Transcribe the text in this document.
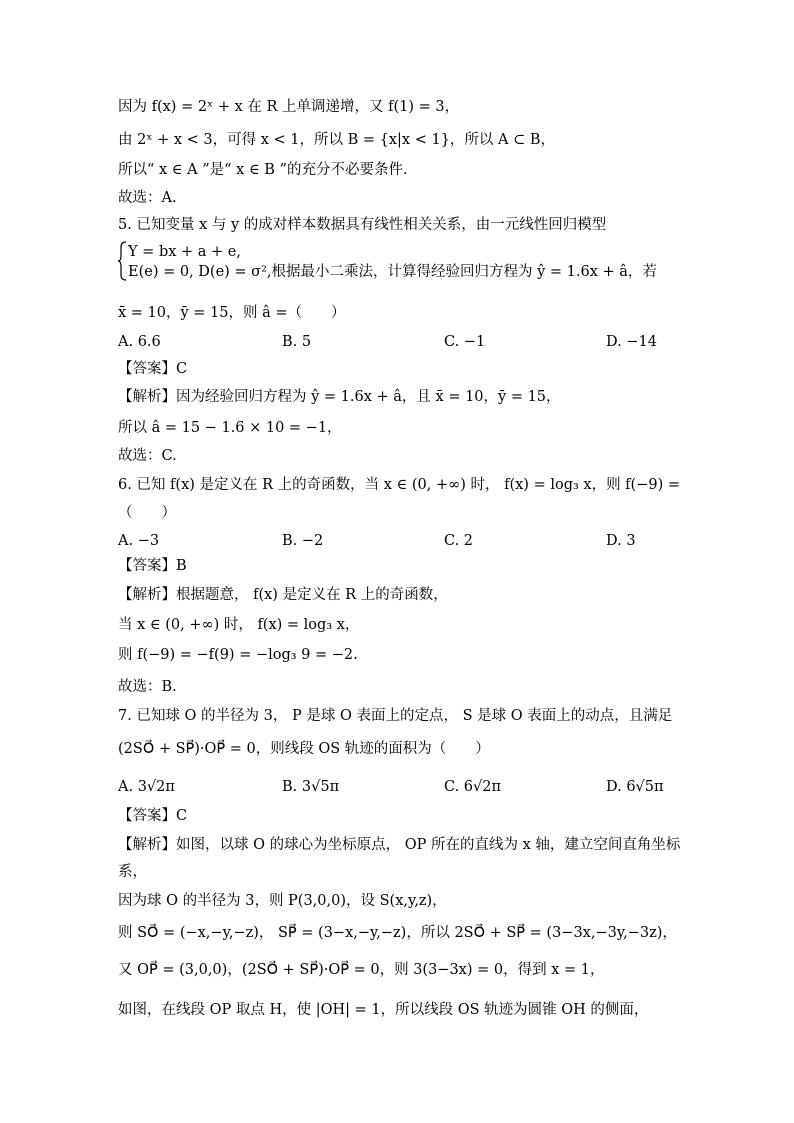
因为 f(x) = 2ˣ + x 在 R 上单调递增，又 f(1) = 3，
由 2ˣ + x < 3，可得 x < 1，所以 B = {x|x < 1}，所以 A ⊂ B，
所以“ x ∈ A ”是“ x ∈ B ”的充分不必要条件.
故选：A.
5. 已知变量 x 与 y 的成对样本数据具有线性相关关系，由一元线性回归模型
Y = bx + a + e,
E(e) = 0, D(e) = σ²,根据最小二乘法，计算得经验回归方程为 ŷ = 1.6x + â，若
x̄ = 10，ȳ = 15，则 â =（　　）
A. 6.6	B. 5	C. −1	D. −14
【答案】C
【解析】因为经验回归方程为 ŷ = 1.6x + â，且 x̄ = 10，ȳ = 15，
所以 â = 15 − 1.6 × 10 = −1，
故选：C.
6. 已知 f(x) 是定义在 R 上的奇函数，当 x ∈ (0, +∞) 时， f(x) = log₃ x，则 f(−9) =
（　　）
A. −3	B. −2	C. 2	D. 3
【答案】B
【解析】根据题意， f(x) 是定义在 R 上的奇函数，
当 x ∈ (0, +∞) 时， f(x) = log₃ x，
则 f(−9) = −f(9) = −log₃ 9 = −2.
故选：B.
7. 已知球 O 的半径为 3， P 是球 O 表面上的定点， S 是球 O 表面上的动点，且满足
(2SO⃗ + SP⃗)·OP⃗ = 0，则线段 OS 轨迹的面积为（　　）
A. 3√2π	B. 3√5π	C. 6√2π	D. 6√5π
【答案】C
【解析】如图，以球 O 的球心为坐标原点， OP 所在的直线为 x 轴，建立空间直角坐标
系，
因为球 O 的半径为 3，则 P(3,0,0)，设 S(x,y,z)，
则 SO⃗ = (−x,−y,−z)， SP⃗ = (3−x,−y,−z)，所以 2SO⃗ + SP⃗ = (3−3x,−3y,−3z)，
又 OP⃗ = (3,0,0)，(2SO⃗ + SP⃗)·OP⃗ = 0，则 3(3−3x) = 0，得到 x = 1，
如图，在线段 OP 取点 H，使 |OH| = 1，所以线段 OS 轨迹为圆锥 OH 的侧面，
